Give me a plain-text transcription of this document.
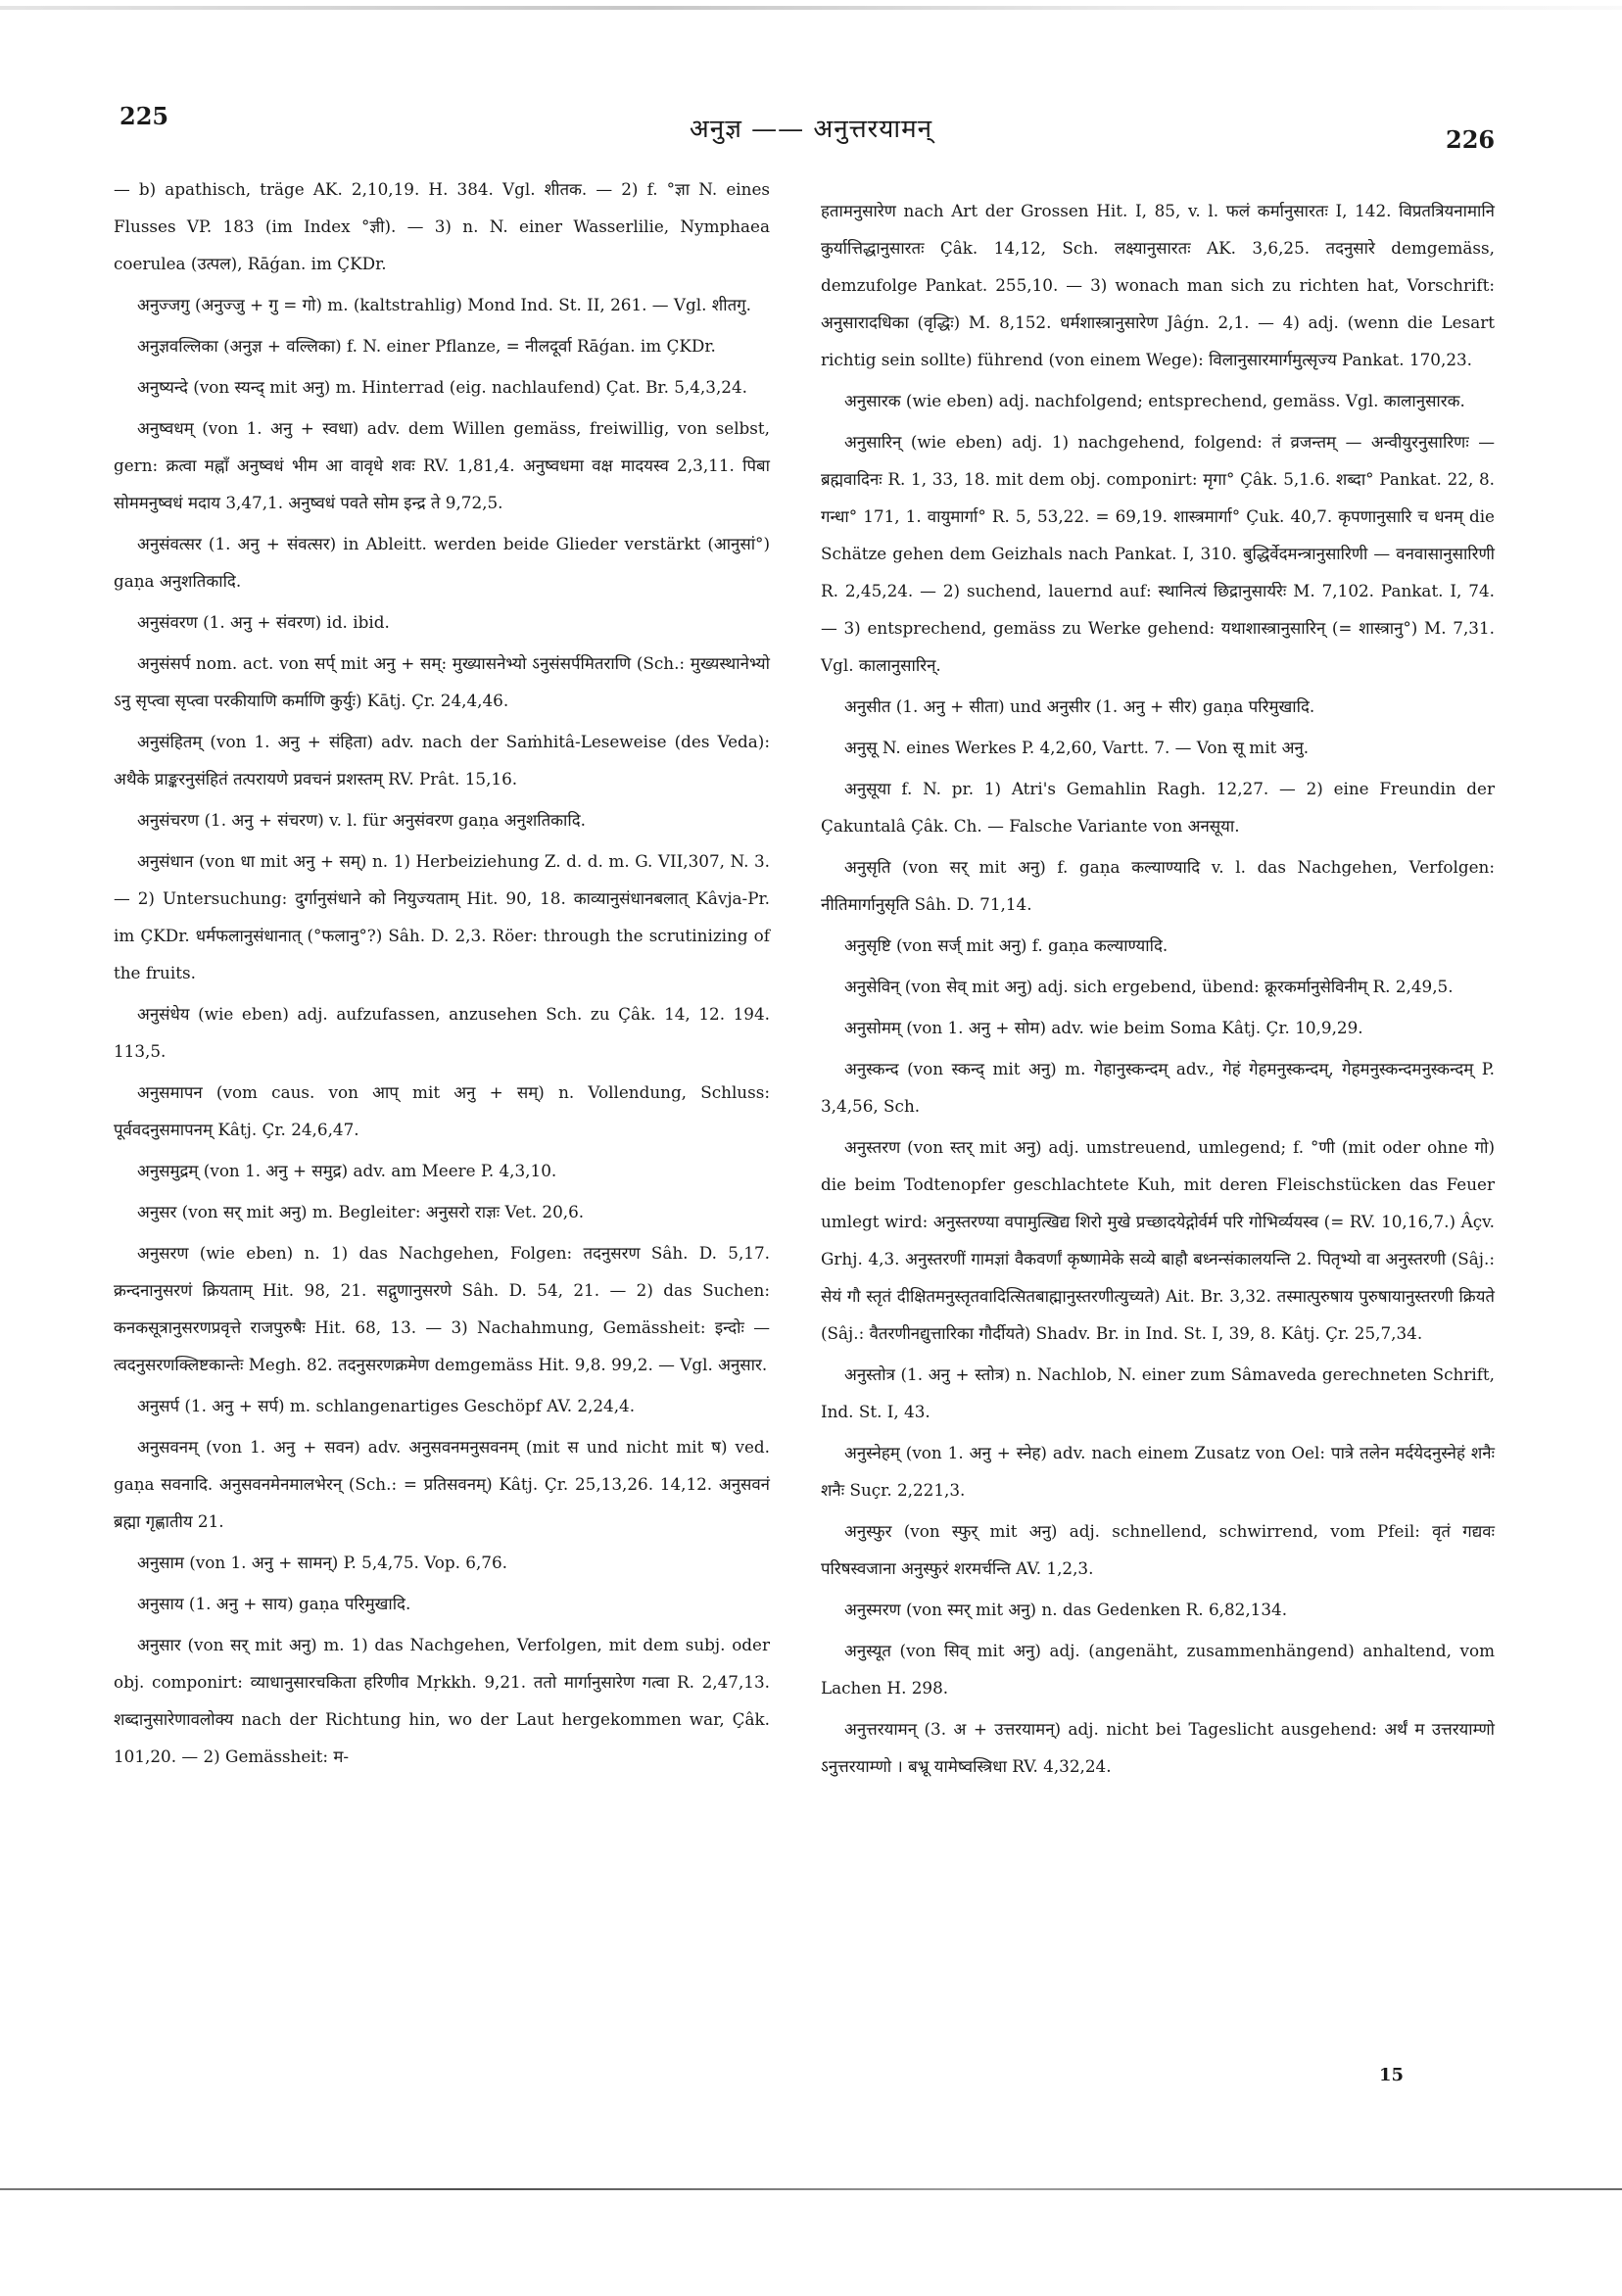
225	अनुज्ञ —— अनुत्तरयामन्	226

— b) apathisch, träge AK. 2,10,19. H. 384. Vgl. शीतक. — 2) f. °ज्ञा N. eines Flusses VP. 183 (im Index °ज्ञी). — 3) n. N. einer Wasserlilie, Nymphaea coerulea (उत्पल), Rāǵan. im ÇKDr.

अनुज्जगु (अनुज्जु + गु = गो) m. (kaltstrahlig) Mond Ind. St. II, 261. — Vgl. शीतगु.

अनुज्ञवल्लिका (अनुज्ञ + वल्लिका) f. N. einer Pflanze, = नीलदूर्वा Rāǵan. im ÇKDr.

अनुष्यन्दे (von स्यन्द् mit अनु) m. Hinterrad (eig. nachlaufend) Çat. Br. 5,4,3,24.

अनुष्वधम् (von 1. अनु + स्वधा) adv. dem Willen gemäss, freiwillig, von selbst, gern: क्रत्वा मह्नाँ अनुष्वधं भीम आ वावृधे शवः RV. 1,81,4. अनुष्वधमा वक्ष मादयस्व 2,3,11. पिबा सोममनुष्वधं मदाय 3,47,1. अनुष्वधं पवते सोम इन्द्र ते 9,72,5.

अनुसंवत्सर (1. अनु + संवत्सर) in Ableitt. werden beide Glieder verstärkt (आनुसां°) gaṇa अनुशतिकादि.

अनुसंवरण (1. अनु + संवरण) id. ibid.

अनुसंसर्प nom. act. von सर्प् mit अनु + सम्: मुख्यासनेभ्यो ऽनुसंसर्पमितराणि (Sch.: मुख्यस्थानेभ्यो ऽनु सृप्त्वा सृप्त्वा परकीयाणि कर्माणि कुर्युः) Kātj. Çr. 24,4,46.

अनुसंहितम् (von 1. अनु + संहिता) adv. nach der Saṁhitâ-Leseweise (des Veda): अथैके प्राङ्करनुसंहितं तत्परायणे प्रवचनं प्रशस्तम् RV. Prât. 15,16.

अनुसंचरण (1. अनु + संचरण) v. l. für अनुसंवरण gaṇa अनुशतिकादि.

अनुसंधान (von धा mit अनु + सम्) n. 1) Herbeiziehung Z. d. d. m. G. VII,307, N. 3. — 2) Untersuchung: दुर्गानुसंधाने को नियुज्यताम् Hit. 90, 18. काव्यानुसंधानबलात् Kâvja-Pr. im ÇKDr. धर्मफलानुसंधानात् (°फलानु°?) Sâh. D. 2,3. Röer: through the scrutinizing of the fruits.

अनुसंधेय (wie eben) adj. aufzufassen, anzusehen Sch. zu Çâk. 14, 12. 194. 113,5.

अनुसमापन (vom caus. von आप् mit अनु + सम्) n. Vollendung, Schluss: पूर्ववदनुसमापनम् Kâtj. Çr. 24,6,47.

अनुसमुद्रम् (von 1. अनु + समुद्र) adv. am Meere P. 4,3,10.

अनुसर (von सर् mit अनु) m. Begleiter: अनुसरो राज्ञः Vet. 20,6.

अनुसरण (wie eben) n. 1) das Nachgehen, Folgen: तदनुसरण Sâh. D. 5,17. क्रन्दनानुसरणं क्रियताम् Hit. 98, 21. सद्गुणानुसरणे Sâh. D. 54, 21. — 2) das Suchen: कनकसूत्रानुसरणप्रवृत्ते राजपुरुषैः Hit. 68, 13. — 3) Nachahmung, Gemässheit: इन्दोः — त्वदनुसरणक्लिष्टकान्तेः Megh. 82. तदनुसरणक्रमेण demgemäss Hit. 9,8. 99,2. — Vgl. अनुसार.

अनुसर्प (1. अनु + सर्प) m. schlangenartiges Geschöpf AV. 2,24,4.

अनुसवनम् (von 1. अनु + सवन) adv. अनुसवनमनुसवनम् (mit स und nicht mit ष) ved. gaṇa सवनादि. अनुसवनमेनमालभेरन् (Sch.: = प्रतिसवनम्) Kâtj. Çr. 25,13,26. 14,12. अनुसवनं ब्रह्मा गृह्णातीय 21.

अनुसाम (von 1. अनु + सामन्) P. 5,4,75. Vop. 6,76.

अनुसाय (1. अनु + साय) gaṇa परिमुखादि.

अनुसार (von सर् mit अनु) m. 1) das Nachgehen, Verfolgen, mit dem subj. oder obj. componirt: व्याधानुसारचकिता हरिणीव Mṛkkh. 9,21. ततो मार्गानुसारेण गत्वा R. 2,47,13. शब्दानुसारेणावलोक्य nach der Richtung hin, wo der Laut hergekommen war, Çâk. 101,20. — 2) Gemässheit: म-

हतामनुसारेण nach Art der Grossen Hit. I, 85, v. l. फलं कर्मानुसारतः I, 142. विप्रतत्रियनामानि कुर्यात्तिद्धानुसारतः Çâk. 14,12, Sch. लक्ष्यानुसारतः AK. 3,6,25. तदनुसारे demgemäss, demzufolge Pankat. 255,10. — 3) wonach man sich zu richten hat, Vorschrift: अनुसारादधिका (वृद्धिः) M. 8,152. धर्मशास्त्रानुसारेण Jâǵn. 2,1. — 4) adj. (wenn die Lesart richtig sein sollte) führend (von einem Wege): विलानुसारमार्गमुत्सृज्य Pankat. 170,23.

अनुसारक (wie eben) adj. nachfolgend; entsprechend, gemäss. Vgl. कालानुसारक.

अनुसारिन् (wie eben) adj. 1) nachgehend, folgend: तं व्रजन्तम् — अन्वीयुरनुसारिणः — ब्रह्मवादिनः R. 1, 33, 18. mit dem obj. componirt: मृगा° Çâk. 5,1.6. शब्दा° Pankat. 22, 8. गन्धा° 171, 1. वायुमार्गा° R. 5, 53,22. = 69,19. शास्त्रमार्गा° Çuk. 40,7. कृपणानुसारि च धनम् die Schätze gehen dem Geizhals nach Pankat. I, 310. बुद्धिर्वेदमन्त्रानुसारिणी — वनवासानुसारिणी R. 2,45,24. — 2) suchend, lauernd auf: स्थानित्यं छिद्रानुसार्यरेः M. 7,102. Pankat. I, 74. — 3) entsprechend, gemäss zu Werke gehend: यथाशास्त्रानुसारिन् (= शास्त्रानु°) M. 7,31. Vgl. कालानुसारिन्.

अनुसीत (1. अनु + सीता) und अनुसीर (1. अनु + सीर) gaṇa परिमुखादि.

अनुसू N. eines Werkes P. 4,2,60, Vartt. 7. — Von सू mit अनु.

अनुसूया f. N. pr. 1) Atri's Gemahlin Ragh. 12,27. — 2) eine Freundin der Çakuntalâ Çâk. Ch. — Falsche Variante von अनसूया.

अनुसृति (von सर् mit अनु) f. gaṇa कल्याण्यादि v. l. das Nachgehen, Verfolgen: नीतिमार्गानुसृति Sâh. D. 71,14.

अनुसृष्टि (von सर्ज् mit अनु) f. gaṇa कल्याण्यादि.

अनुसेविन् (von सेव् mit अनु) adj. sich ergebend, übend: क्रूरकर्मानुसेविनीम् R. 2,49,5.

अनुसोमम् (von 1. अनु + सोम) adv. wie beim Soma Kâtj. Çr. 10,9,29.

अनुस्कन्द (von स्कन्द् mit अनु) m. गेहानुस्कन्दम् adv., गेहं गेहमनुस्कन्दम्, गेहमनुस्कन्दमनुस्कन्दम् P. 3,4,56, Sch.

अनुस्तरण (von स्तर् mit अनु) adj. umstreuend, umlegend; f. °णी (mit oder ohne गो) die beim Todtenopfer geschlachtete Kuh, mit deren Fleischstücken das Feuer umlegt wird: अनुस्तरण्या वपामुत्खिद्य शिरो मुखे प्रच्छादयेद्गोर्वर्म परि गोभिर्व्ययस्व (= RV. 10,16,7.) Âçv. Grhj. 4,3. अनुस्तरणीं गामज्ञां वैकवर्णां कृष्णामेके सव्ये बाहौ बध्नन्संकालयन्ति 2. पितृभ्यो वा अनुस्तरणी (Sâj.: सेयं गौ स्तृतं दीक्षितमनुस्तृतवादित्सितबाह्मानुस्तरणीत्युच्यते) Ait. Br. 3,32. तस्मात्पुरुषाय पुरुषायानुस्तरणी क्रियते (Sâj.: वैतरणीनद्युत्तारिका गौर्दीयते) Shadv. Br. in Ind. St. I, 39, 8. Kâtj. Çr. 25,7,34.

अनुस्तोत्र (1. अनु + स्तोत्र) n. Nachlob, N. einer zum Sâmaveda gerechneten Schrift, Ind. St. I, 43.

अनुस्नेहम् (von 1. अनु + स्नेह) adv. nach einem Zusatz von Oel: पात्रे तलेन मर्दयेदनुस्नेहं शनैः शनैः Suçr. 2,221,3.

अनुस्फुर (von स्फुर् mit अनु) adj. schnellend, schwirrend, vom Pfeil: वृतं गद्यवः परिषस्वजाना अनुस्फुरं शरमर्चन्ति AV. 1,2,3.

अनुस्मरण (von स्मर् mit अनु) n. das Gedenken R. 6,82,134.

अनुस्यूत (von सिव् mit अनु) adj. (angenäht, zusammenhängend) anhaltend, vom Lachen H. 298.

अनुत्तरयामन् (3. अ + उत्तरयामन्) adj. nicht bei Tageslicht ausgehend: अर्थं म उत्तरयाम्णो ऽनुत्तरयाम्णो । बभ्रू यामेष्वस्त्रिधा RV. 4,32,24.

15
